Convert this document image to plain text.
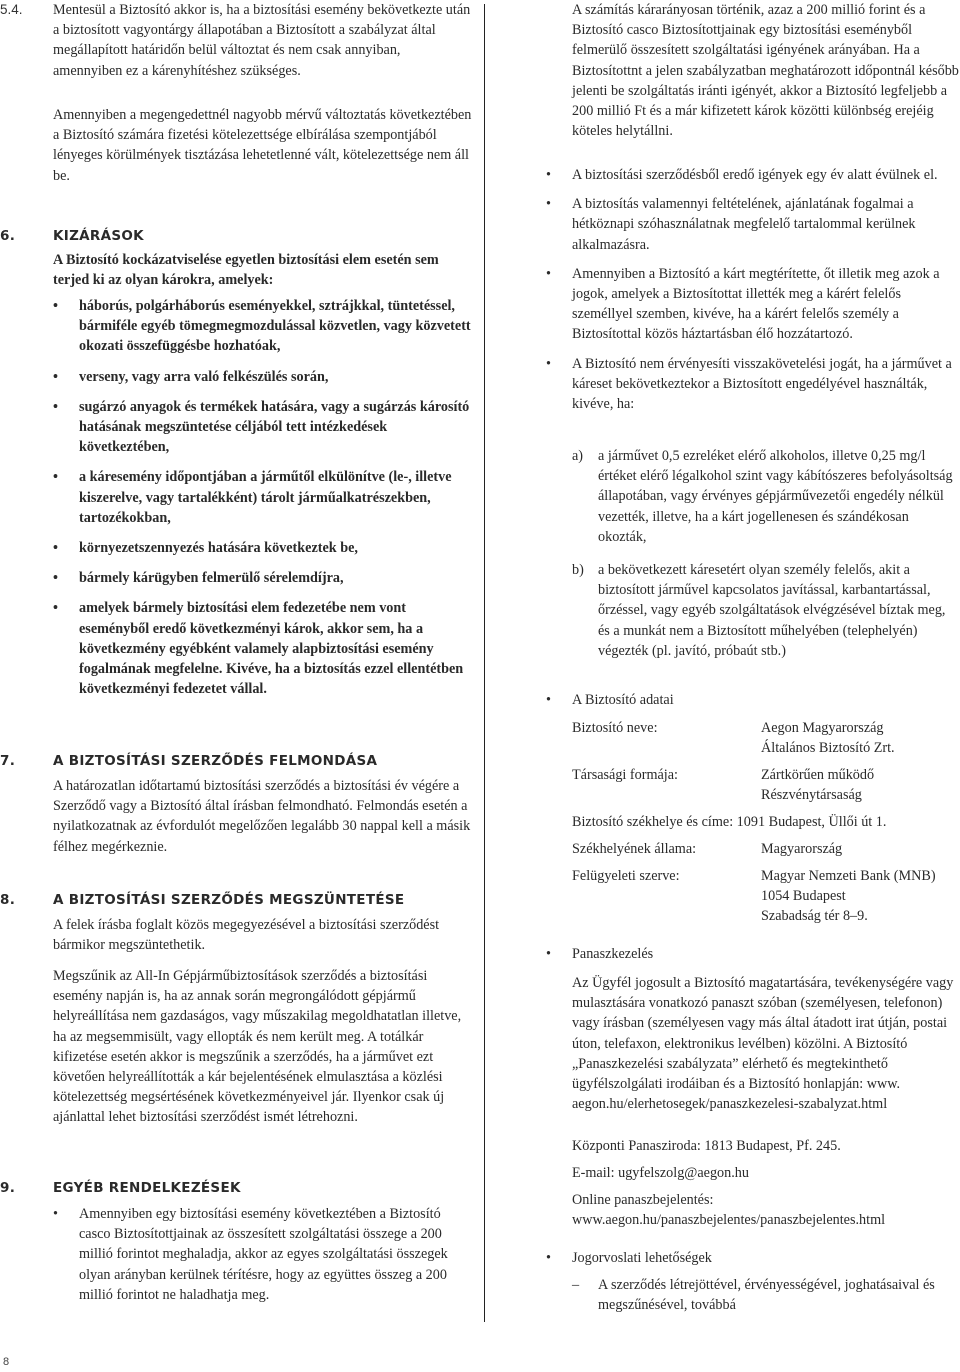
5.4. Mentesül a Biztosító akkor is, ha a biztosítási esemény bekövetkezte után a biztosított vagyontárgy állapotában a Biztosított a szabályzat által megállapított határidőn belül változtat és nem csak annyiban, amennyiben ez a kárenyhítéshez szükséges.

Amennyiben a megengedettnél nagyobb mérvű változtatás következtében a Biztosító számára fizetési kötelezettsége elbírálása szempontjából lényeges körülmények tisztázása lehetetlenné vált, kötelezettsége nem áll be.

6.	KIZÁRÁSOK

A Biztosító kockázatviselése egyetlen biztosítási elem esetén sem terjed ki az olyan károkra, amelyek:

• háborús, polgárháborús eseményekkel, sztrájkkal, tüntetéssel, bármiféle egyéb tömegmegmozdulással közvetlen, vagy közvetett okozati összefüggésbe hozhatóak,
• verseny, vagy arra való felkészülés során,
• sugárzó anyagok és termékek hatására, vagy a sugárzás károsító hatásának megszüntetése céljából tett intézkedések következtében,
• a káresemény időpontjában a járműtől elkülönítve (le-, illetve kiszerelve, vagy tartalékként) tárolt járműalkatrészekben, tartozékokban,
• környezetszennyezés hatására következtek be,
• bármely kárügyben felmerülő sérelemdíjra,
• amelyek bármely biztosítási elem fedezetébe nem vont eseményből eredő következményi károk, akkor sem, ha a következmény egyébként valamely alapbiztosítási esemény fogalmának megfelelne. Kivéve, ha a biztosítás ezzel ellentétben következményi fedezetet vállal.
7.	A BIZTOSÍTÁSI SZERZŐDÉS FELMONDÁSA

A határozatlan időtartamú biztosítási szerződés a biztosítási év végére a Szerződő vagy a Biztosító által írásban felmondható. Felmondás esetén a nyilatkozatnak az évfordulót megelőzően legalább 30 nappal kell a másik félhez megérkeznie.

8.	A BIZTOSÍTÁSI SZERZŐDÉS MEGSZÜNTETÉSE

A felek írásba foglalt közös megegyezésével a biztosítási szerződést bármikor megszüntethetik.

Megszűnik az All-In Gépjárműbiztosítások szerződés a biztosítási esemény napján is, ha az annak során megrongálódott gépjármű helyreállítása nem gazdaságos, vagy műszakilag megoldhatatlan illetve, ha az megsemmisült, vagy ellopták és nem került meg. A totálkár kifizetése esetén akkor is megszűnik a szerződés, ha a járművet ezt követően helyreállították a kár bejelentésének elmulasztása a közlési kötelezettség megsértésének következményeivel jár. Ilyenkor csak új ajánlattal lehet biztosítási szerződést ismét létrehozni.

9.	EGYÉB RENDELKEZÉSEK
• Amennyiben egy biztosítási esemény következtében a Biztosító casco Biztosítottjainak az összesített szolgáltatási összege a 200 millió forintot meghaladja, akkor az egyes szolgáltatási összegek olyan arányban kerülnek térítésre, hogy az együttes összeg a 200 millió forintot ne haladhatja meg.

A számítás kárarányosan történik, azaz a 200 millió forint és a Biztosító casco Biztosítottjainak egy biztosítási eseményből felmerülő összesített szolgáltatási igényének arányában. Ha a Biztosítottnt a jelen szabályzatban meghatározott időpontnál később jelenti be szolgáltatás iránti igényét, akkor a Biztosító legfeljebb a 200 millió Ft és a már kifizetett károk közötti különbség erejéig köteles helytállni.

• A biztosítási szerződésből eredő igények egy év alatt évülnek el.
• A biztosítás valamennyi feltételének, ajánlatának fogalmai a hétköznapi szóhasználatnak megfelelő tartalommal kerülnek alkalmazásra.
• Amennyiben a Biztosító a kárt megtérítette, őt illetik meg azok a jogok, amelyek a Biztosítottat illették meg a kárért felelős személlyel szemben, kivéve, ha a kárért felelős személy a Biztosítottal közös háztartásban élő hozzátartozó.
• A Biztosító nem érvényesíti visszakövetelési jogát, ha a járművet a káreset bekövetkeztekor a Biztosított engedélyével használták, kivéve, ha:
a) a járművet 0,5 ezreléket elérő alkoholos, illetve 0,25 mg/l értéket elérő légalkohol szint vagy kábítószeres befolyásoltság állapotában, vagy érvényes gépjárművezetői engedély nélkül vezették, illetve, ha a kárt jogellenesen és szándékosan okozták,

b) a bekövetkezett káresetért olyan személy felelős, akit a biztosított járművel kapcsolatos javítással, karbantartással, őrzéssel, vagy egyéb szolgáltatások elvégzésével bíztak meg, és a munkát nem a Biztosított műhelyében (telephelyén) végezték (pl. javító, próbaút stb.)

• A Biztosító adatai

Biztosító neve:	Aegon Magyarország
Általános Biztosító Zrt.
Társasági formája:	Zártkörűen működő
Részvénytársaság
Biztosító székhelye és címe: 1091 Budapest, Üllői út 1.
Székhelyének állama:	Magyarország
Felügyeleti szerve:	Magyar Nemzeti Bank (MNB)
1054 Budapest
Szabadság tér 8–9.
• Panaszkezelés

Az Ügyfél jogosult a Biztosító magatartására, tevékenységére vagy mulasztására vonatkozó panaszt szóban (személyesen, telefonon) vagy írásban (személyesen vagy más által átadott irat útján, postai úton, telefaxon, elektronikus levélben) közölni. A Biztosító „Panaszkezelési szabályzata” elérhető és megtekinthető ügyfélszolgálati irodáiban és a Biztosító honlapján: www. aegon.hu/elerhetosegek/panaszkezelesi-szabalyzat.html

Központi Panasziroda: 1813 Budapest, Pf. 245.

E-mail: ugyfelszolg@aegon.hu

Online panaszbejelentés: www.aegon.hu/panaszbejelentes/panaszbejelentes.html

• Jogorvoslati lehetőségek

– A szerződés létrejöttével, érvényességével, joghatásaival és megszűnésével, továbbá

8
